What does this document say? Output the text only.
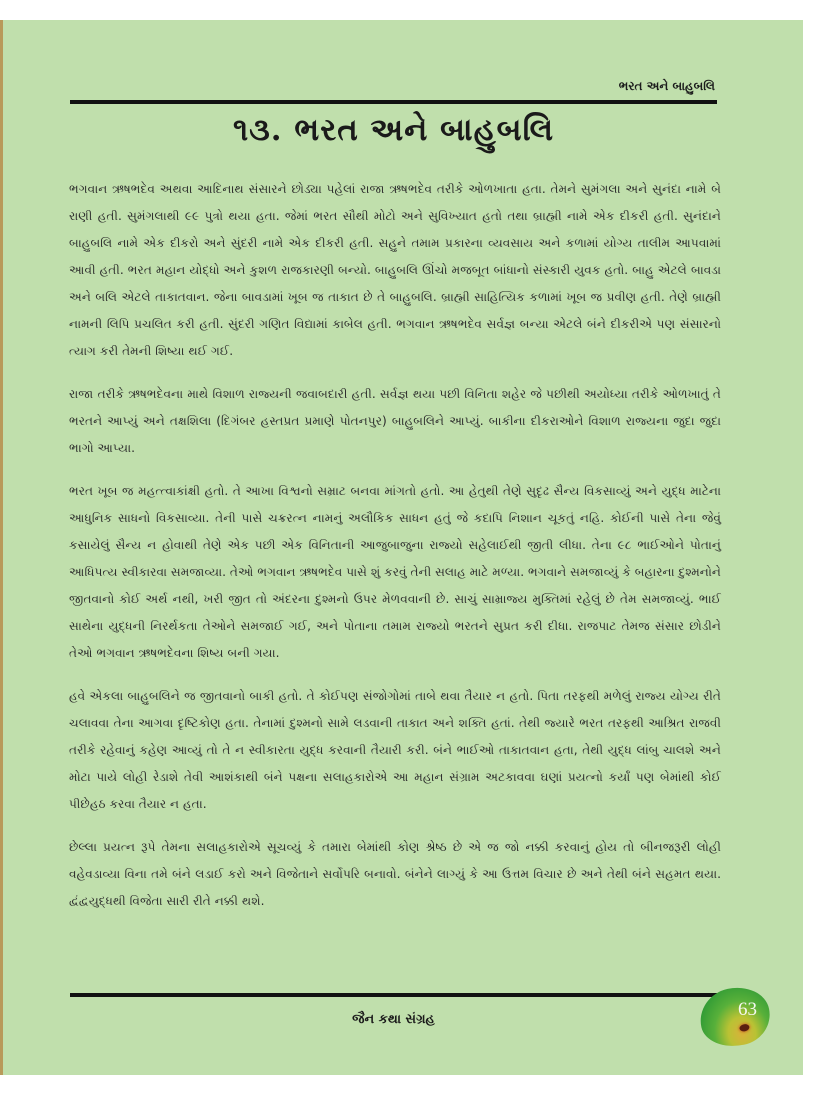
ભરત અને બાહુબલિ
૧૩. ભરત અને બાહુબલિ

ભગવાન ઋષભદેવ અથવા આદિનાથ સંસારને છોડ્યા પહેલાં રાજા ઋષભદેવ તરીકે ઓળખાતા હતા. તેમને સુમંગલા અને સુનંદા નામે બે રાણી હતી. સુમંગલાથી ૯૯ પુત્રો થયા હતા. જેમાં ભરત સૌથી મોટો અને સુવિખ્યાત હતો તથા બ્રાહ્મી નામે એક દીકરી હતી. સુનંદાને બાહુબલિ નામે એક દીકરો અને સુંદરી નામે એક દીકરી હતી. સહુને તમામ પ્રકારના વ્યવસાય અને કળામાં યોગ્ય તાલીમ આપવામાં આવી હતી. ભરત મહાન યોદ્ધો અને કુશળ રાજકારણી બન્યો. બાહુબલિ ઊંચો મજબૂત બાંધાનો સંસ્કારી યુવક હતો. બાહુ એટલે બાવડા અને બલિ એટલે તાકાતવાન. જેના બાવડામાં ખૂબ જ તાકાત છે તે બાહુબલિ. બ્રાહ્મી સાહિત્યિક કળામાં ખૂબ જ પ્રવીણ હતી. તેણે બ્રાહ્મી નામની લિપિ પ્રચલિત કરી હતી. સુંદરી ગણિત વિદ્યામાં કાબેલ હતી. ભગવાન ઋષભદેવ સર્વજ્ઞ બન્યા એટલે બંને દીકરીએ પણ સંસારનો ત્યાગ કરી તેમની શિષ્યા થઈ ગઈ.

રાજા તરીકે ઋષભદેવના માથે વિશાળ રાજ્યની જવાબદારી હતી. સર્વજ્ઞ થયા પછી વિનિતા શહેર જે પછીથી અયોધ્યા તરીકે ઓળખાતું તે ભરતને આપ્યું અને તક્ષશિલા (દિગંબર હસ્તપ્રત પ્રમાણે પોતનપુર) બાહુબલિને આપ્યું. બાકીના દીકરાઓને વિશાળ રાજ્યના જુદા જુદા ભાગો આપ્યા.

ભરત ખૂબ જ મહત્ત્વાકાંક્ષી હતો. તે આખા વિશ્વનો સમ્રાટ બનવા માંગતો હતો. આ હેતુથી તેણે સુદૃઢ સૈન્ય વિકસાવ્યું અને યુદ્ધ માટેના આધુનિક સાધનો વિકસાવ્યા. તેની પાસે ચક્રરત્ન નામનું અલૌકિક સાધન હતું જે કદાપિ નિશાન ચૂકતું નહિ. કોઈની પાસે તેના જેવું કસાયેલું સૈન્ય ન હોવાથી તેણે એક પછી એક વિનિતાની આજુબાજુના રાજ્યો સહેલાઈથી જીતી લીધા. તેના ૯૮ ભાઈઓને પોતાનું આધિપત્ય સ્વીકારવા સમજાવ્યા. તેઓ ભગવાન ઋષભદેવ પાસે શું કરવું તેની સલાહ માટે મળ્યા. ભગવાને સમજાવ્યું કે બહારના દુશ્મનોને જીતવાનો કોઈ અર્થ નથી, ખરી જીત તો અંદરના દુશ્મનો ઉપર મેળવવાની છે. સાચું સામ્રાજ્ય મુક્તિમાં રહેલું છે તેમ સમજાવ્યું. ભાઈ સાથેના યુદ્ધની નિરર્થકતા તેઓને સમજાઈ ગઈ, અને પોતાના તમામ રાજ્યો ભરતને સુપ્રત કરી દીધા. રાજપાટ તેમજ સંસાર છોડીને તેઓ ભગવાન ઋષભદેવના શિષ્ય બની ગયા.

હવે એકલા બાહુબલિને જ જીતવાનો બાકી હતો. તે કોઈપણ સંજોગોમાં તાબે થવા તૈયાર ન હતો. પિતા તરફથી મળેલું રાજ્ય યોગ્ય રીતે ચલાવવા તેના આગવા દૃષ્ટિકોણ હતા. તેનામાં દુશ્મનો સામે લડવાની તાકાત અને શક્તિ હતાં. તેથી જ્યારે ભરત તરફથી આશ્રિત રાજવી તરીકે રહેવાનું કહેણ આવ્યું તો તે ન સ્વીકારતા યુદ્ધ કરવાની તૈયારી કરી. બંને ભાઈઓ તાકાતવાન હતા, તેથી યુદ્ધ લાંબુ ચાલશે અને મોટા પાયે લોહી રેડાશે તેવી આશંકાથી બંને પક્ષના સલાહકારોએ આ મહાન સંગ્રામ અટકાવવા ઘણાં પ્રયત્નો કર્યાં પણ બેમાંથી કોઈ પીછેહઠ કરવા તૈયાર ન હતા.

છેલ્લા પ્રયત્ન રૂપે તેમના સલાહકારોએ સૂચવ્યું કે તમારા બેમાંથી કોણ શ્રેષ્ઠ છે એ જ જો નક્કી કરવાનું હોય તો બીનજરૂરી લોહી વહેવડાવ્યા વિના તમે બંને લડાઈ કરો અને વિજેતાને સર્વોપરિ બનાવો. બંનેને લાગ્યું કે આ ઉત્તમ વિચાર છે અને તેથી બંને સહમત થયા. દ્વંદ્વયુદ્ધથી વિજેતા સારી રીતે નક્કી થશે.

જૈન કથા સંગ્રહ	63
